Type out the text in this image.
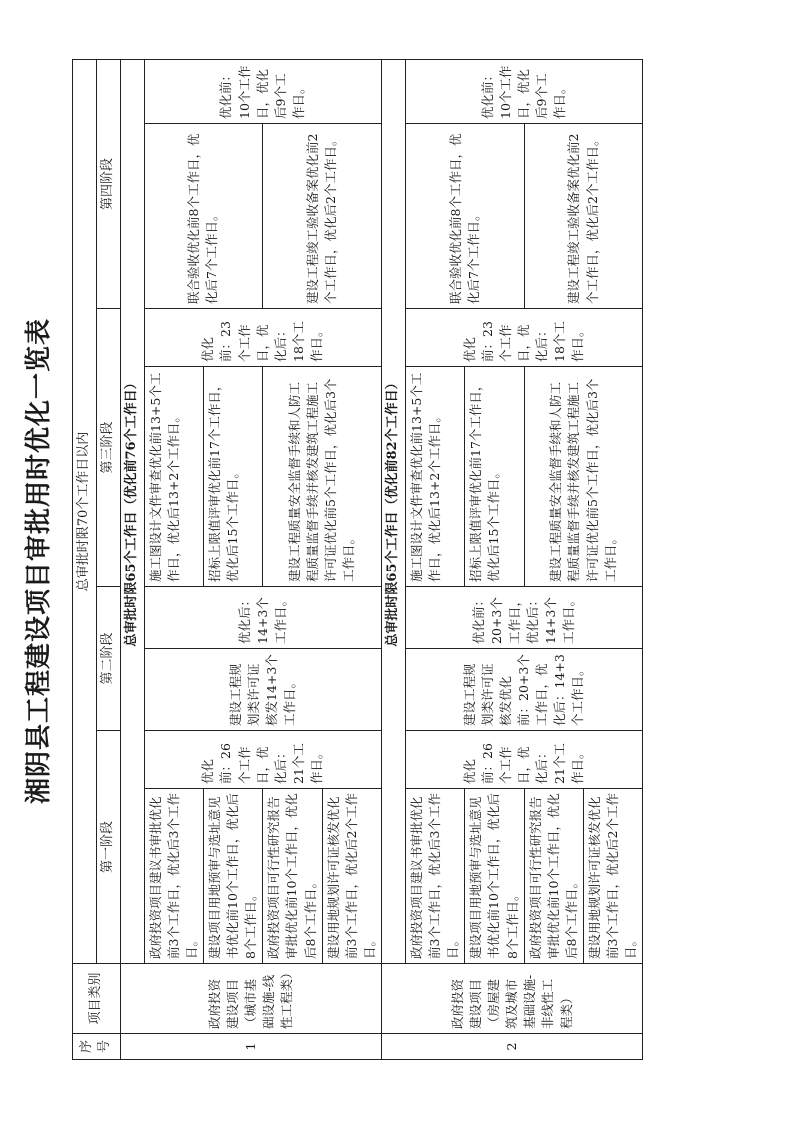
湘阴县工程建设项目审批用时优化一览表
序号	项目类别	总审批时限70个工作日以内							
		第一阶段		第二阶段		第三阶段		第四阶段	
1	政府投资建设项目（城市基础设施-线性工程类）	总审批时限65个工作日（优化前76个工作日）							
		政府投资项目建议书审批优化前3个工作日，优化后3个工作日。	优化前：26个工作日，优化后：21个工作日。	建设工程规划类许可证核发14+3个工作日。	优化后：14+3个工作日。	施工图设计文件审查优化前13+5个工作日，优化后13+2个工作日。	优化前：23个工作日，优化后：18个工作日。	联合验收优化前8个工作日，优化后7个工作日。	优化前：10个工作日，优化后9个工作日。
		建设项目用地预审与选址意见书优化前10个工作日，优化后8个工作日。				招标上限值评审优化前17个工作日，优化后15个工作日。			
		政府投资项目可行性研究报告审批优化前10个工作日，优化后8个工作日。				建设工程质量安全监督手续和人防工程质量监督手续并核发建筑工程施工许可证优化前5个工作日，优化后3个工作日。		建设工程竣工验收备案优化前2个工作日，优化后2个工作日。	
		建设用地规划许可证核发优化前3个工作日，优化后2个工作日。							
2	政府投资建设项目（房屋建筑及城市基础设施-非线性工程类）	总审批时限65个工作日（优化前82个工作日）							
		政府投资项目建议书审批优化前3个工作日，优化后3个工作日。	优化前：26个工作日，优化后：21个工作日。	建设工程规划类许可证核发优化前：20+3个工作日，优化后：14+3个工作日。	优化前：20+3个工作日，优化后：14+3个工作日。	施工图设计文件审查优化前13+5个工作日，优化后13+2个工作日。	优化前：23个工作日，优化后：18个工作日。	联合验收优化前8个工作日，优化后7个工作日。	优化前：10个工作日，优化后9个工作日。
		建设项目用地预审与选址意见书优化前10个工作日，优化后8个工作日。				招标上限值评审优化前17个工作日，优化后15个工作日。			
		政府投资项目可行性研究报告审批优化前10个工作日，优化后8个工作日。				建设工程质量安全监督手续和人防工程质量监督手续并核发建筑工程施工许可证优化前5个工作日，优化后3个工作日。		建设工程竣工验收备案优化前2个工作日，优化后2个工作日。	
		建设用地规划许可证核发优化前3个工作日，优化后2个工作日。							
